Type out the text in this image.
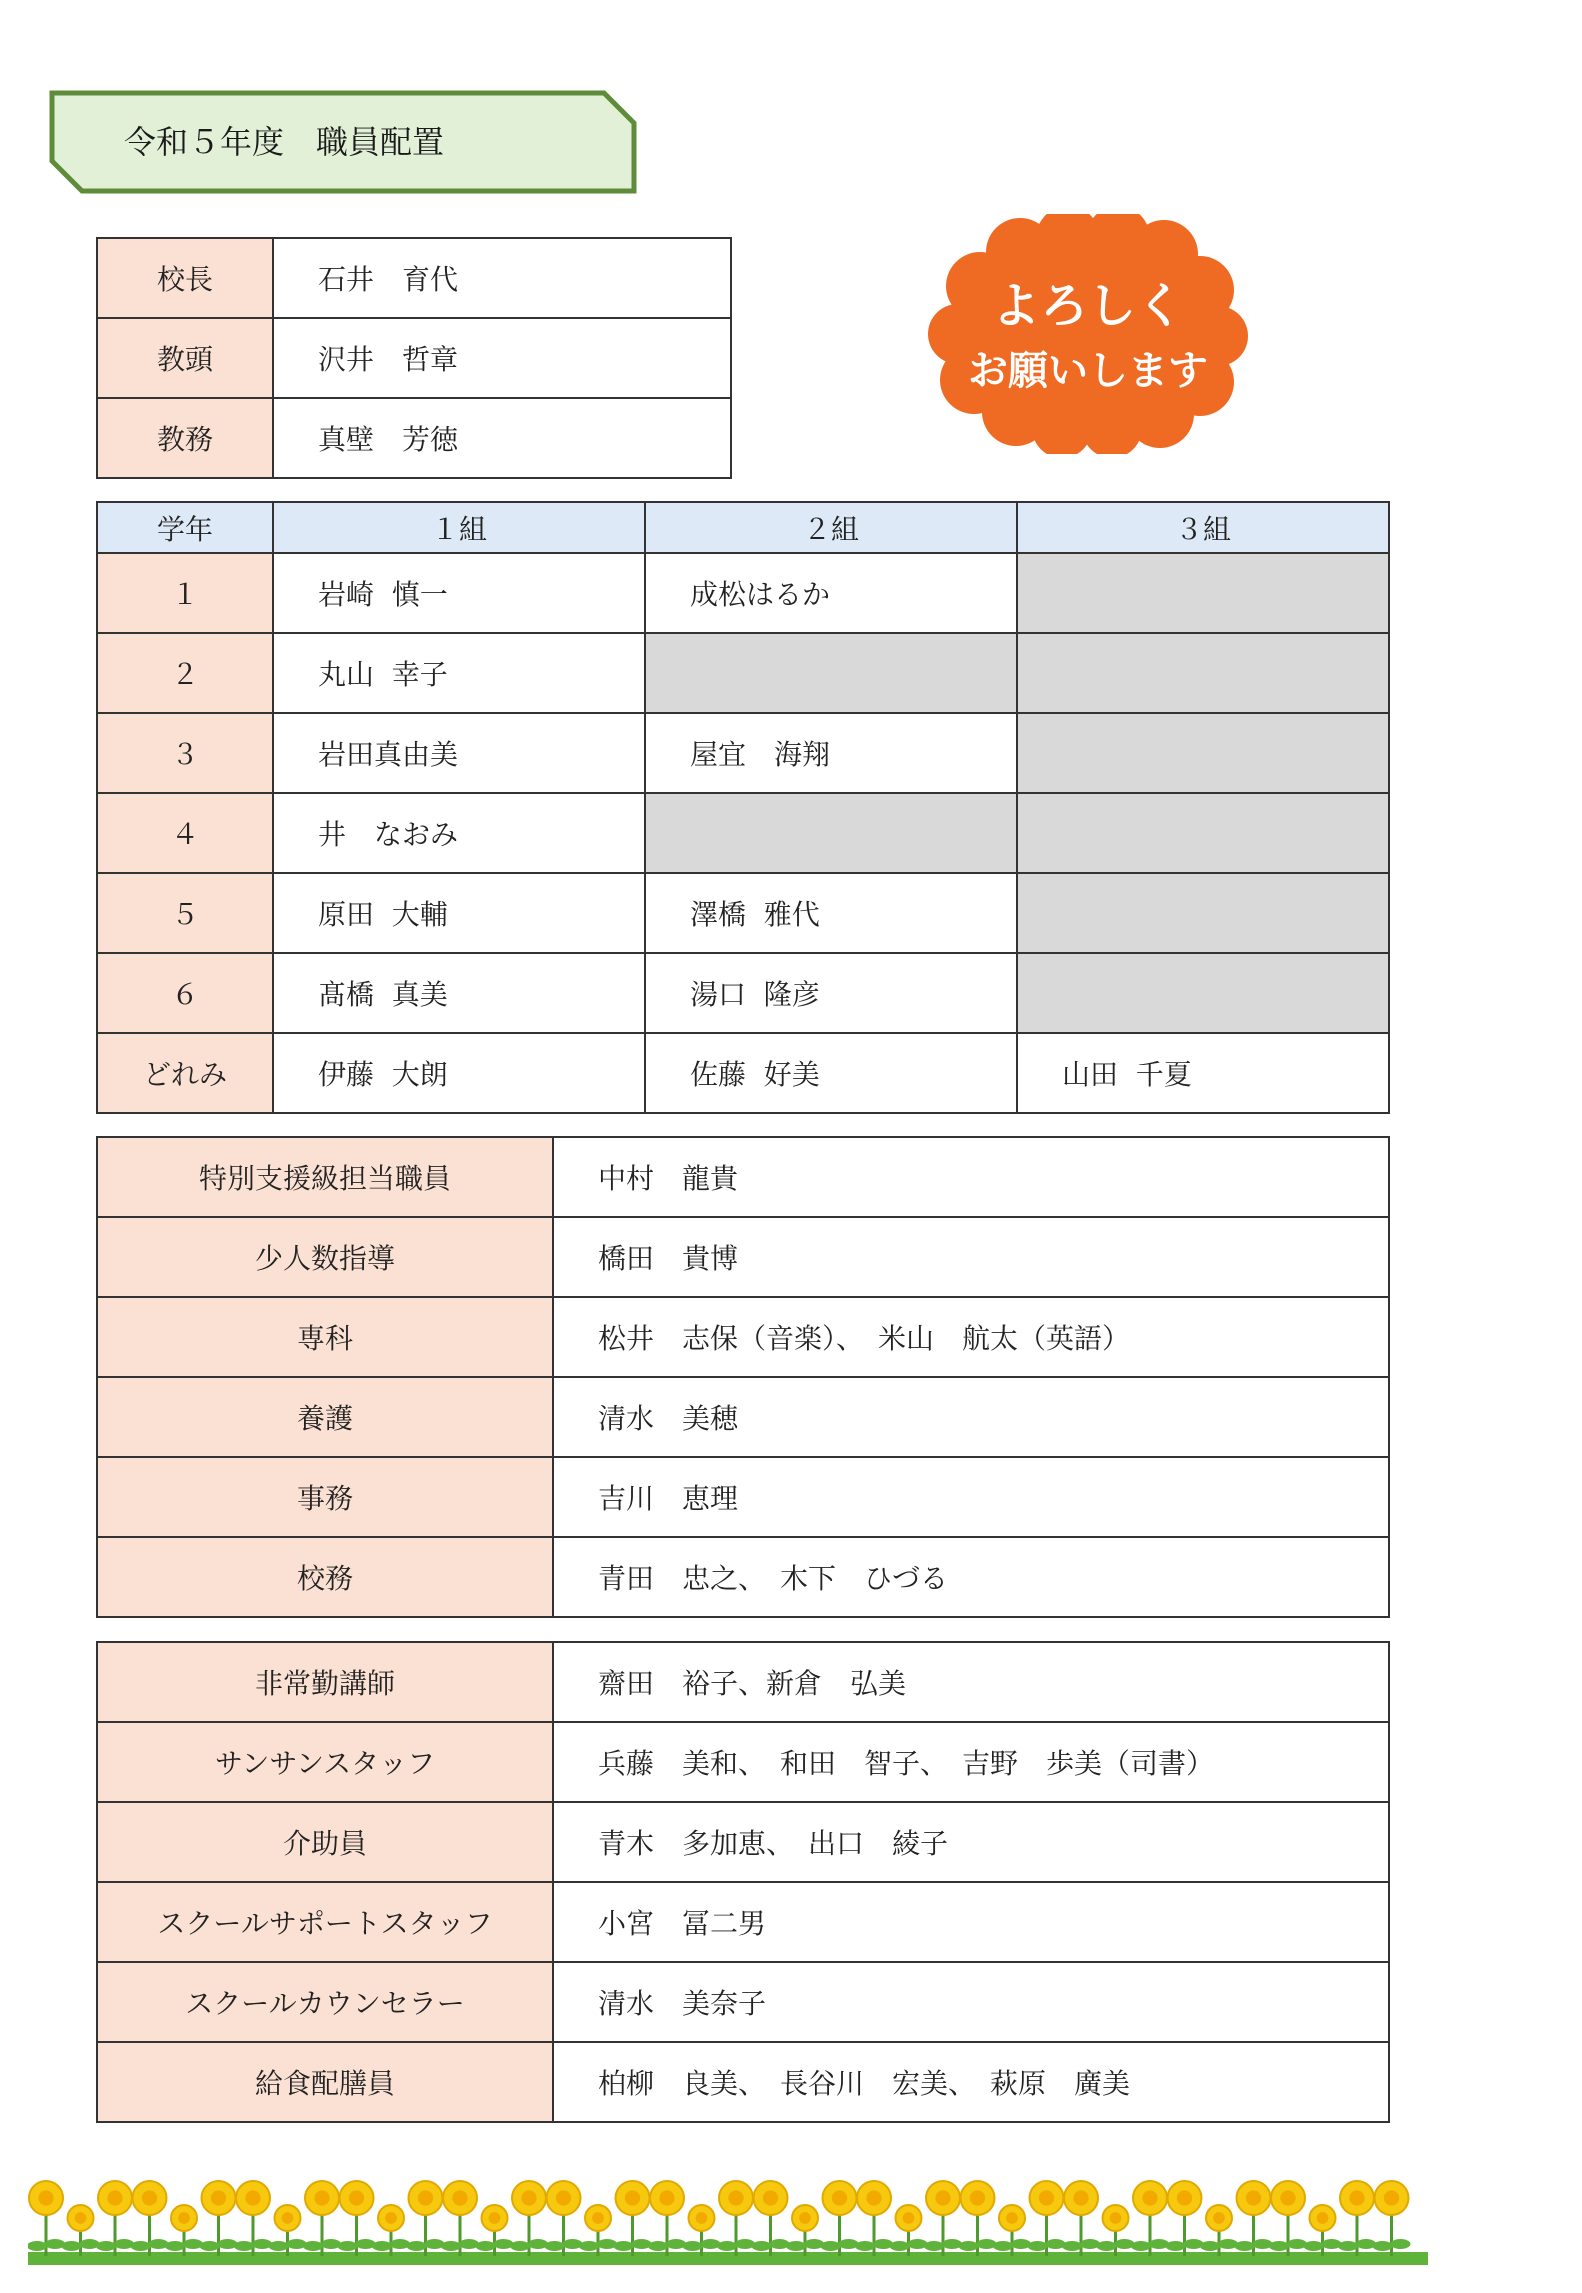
令和５年度　職員配置
よろしく
お願いします
校長	石井　育代
教頭	沢井　哲章
教務	真壁　芳徳
学年	１組	２組	３組
１	岩崎  慎一	成松はるか	
２	丸山  幸子		
３	岩田真由美	屋宜　海翔	
４	井　なおみ		
５	原田  大輔	澤橋  雅代	
６	髙橋  真美	湯口  隆彦	
どれみ	伊藤  大朗	佐藤  好美	山田  千夏
特別支援級担当職員	中村　龍貴
少人数指導	橋田　貴博
専科	松井　志保（音楽）、　米山　航太（英語）
養護	清水　美穂
事務	吉川　恵理
校務	青田　忠之、　木下　ひづる
非常勤講師	齋田　裕子、新倉　弘美
サンサンスタッフ	兵藤　美和、　和田　智子、　吉野　歩美（司書）
介助員	青木　多加恵、　出口　綾子
スクールサポートスタッフ	小宮　冨二男
スクールカウンセラー	清水　美奈子
給食配膳員	柏柳　良美、　長谷川　宏美、　萩原　廣美
